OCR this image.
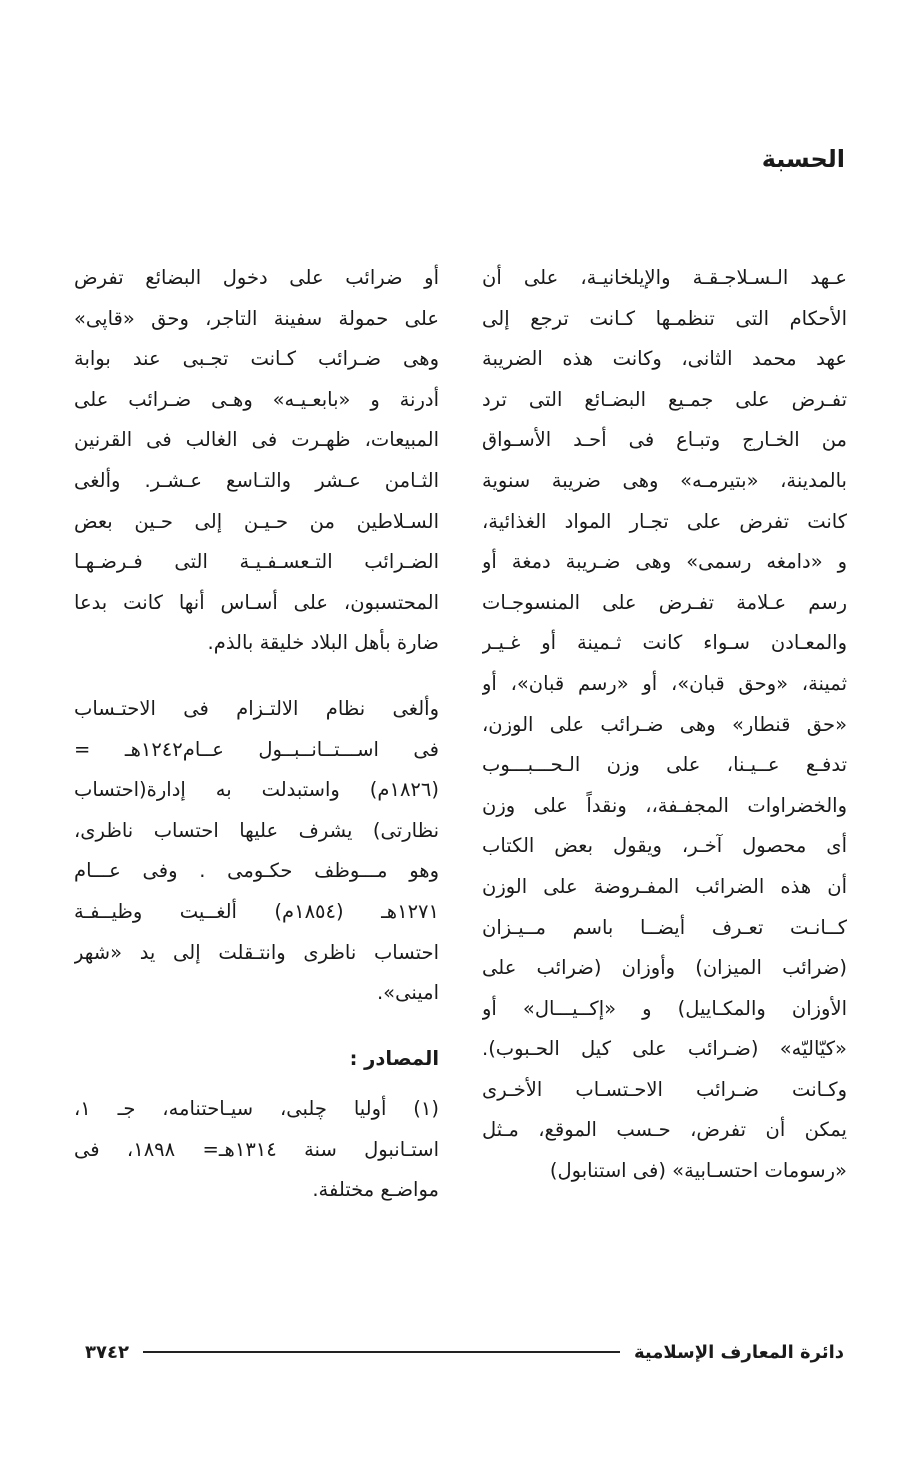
الحسبة
عـهد الـسـلاجـقـة والإيلخانيـة، على أن
الأحكام التى تنظمـها كـانت ترجع إلى
عهد محمد الثانى، وكانت هذه الضريبة
تفـرض على جمـيع البضـائع التى ترد
من الخـارج وتبـاع فى أحـد الأسـواق
بالمدينة، «بتيرمـه» وهى ضريبة سنوية
كانت تفرض على تجـار المواد الغذائية،
و «دامغه رسمى» وهى ضـريبة دمغة أو
رسم عـلامة تفـرض على المنسوجـات
والمعـادن سـواء كانت ثـمينة أو غـيـر
ثمينة، «وحق قبان»، أو «رسم قبان»، أو
«حق قنطار» وهى ضـرائب على الوزن،
تدفـع عــيـنا، على وزن الـحـــبـــوب
والخضراوات المجفـفة،، ونقداً على وزن
أى محصول آخـر، ويقول بعض الكتاب
أن هذه الضرائب المفـروضة على الوزن
كــانـت تعـرف أيضــا باسم مــيـزان
(ضرائب الميزان) وأوزان (ضرائب على
الأوزان والمكـاييل) و «إكــيـــال» أو
«كيّاليّه» (ضـرائب على كيل الحـبوب).
وكـانت ضـرائب الاحـتسـاب الأخـرى
يمكن أن تفرض، حـسب الموقع، مـثل
«رسومات احتسـابية» (فى استنابول)
أو ضرائب على دخول البضائع تفرض
على حمولة سفينة التاجر، وحق «قاپى»
وهى ضـرائب كـانت تجـبى عند بوابة
أدرنة و «بابعـيـه» وهـى ضـرائب على
المبيعات، ظهـرت فى الغالب فى القرنين
الثـامن عـشر والتـاسع عـشـر. وألغى
السـلاطين من حـيـن إلى حـين بعض
الضـرائب التـعسـفـيـة التى فـرضـهـا
المحتسبون، على أسـاس أنها كانت بدعا
ضارة بأهل البلاد خليقة بالذم.
وألغى نظام الالتـزام فى الاحتـساب
فى اســـتــانــبــول عــام١٢٤٢هـ =
(١٨٢٦م) واستبدلت به إدارة(احتساب
نظارتى) يشرف عليها احتساب ناظرى،
وهو مـــوظف حكـومى . وفى عـــام
١٢٧١هـ (١٨٥٤م) ألغــيت وظيــفـة
احتساب ناظرى وانتـقلت إلى يد «شهر
امينى».
المصادر :
(١) أوليا چلبى، سيـاحتنامه، جـ ١،
استـانبول سنة ١٣١٤هـ= ١٨٩٨، فى
مواضـع مختلفة.
دائرة المعارف الإسلامية
٣٧٤٢
